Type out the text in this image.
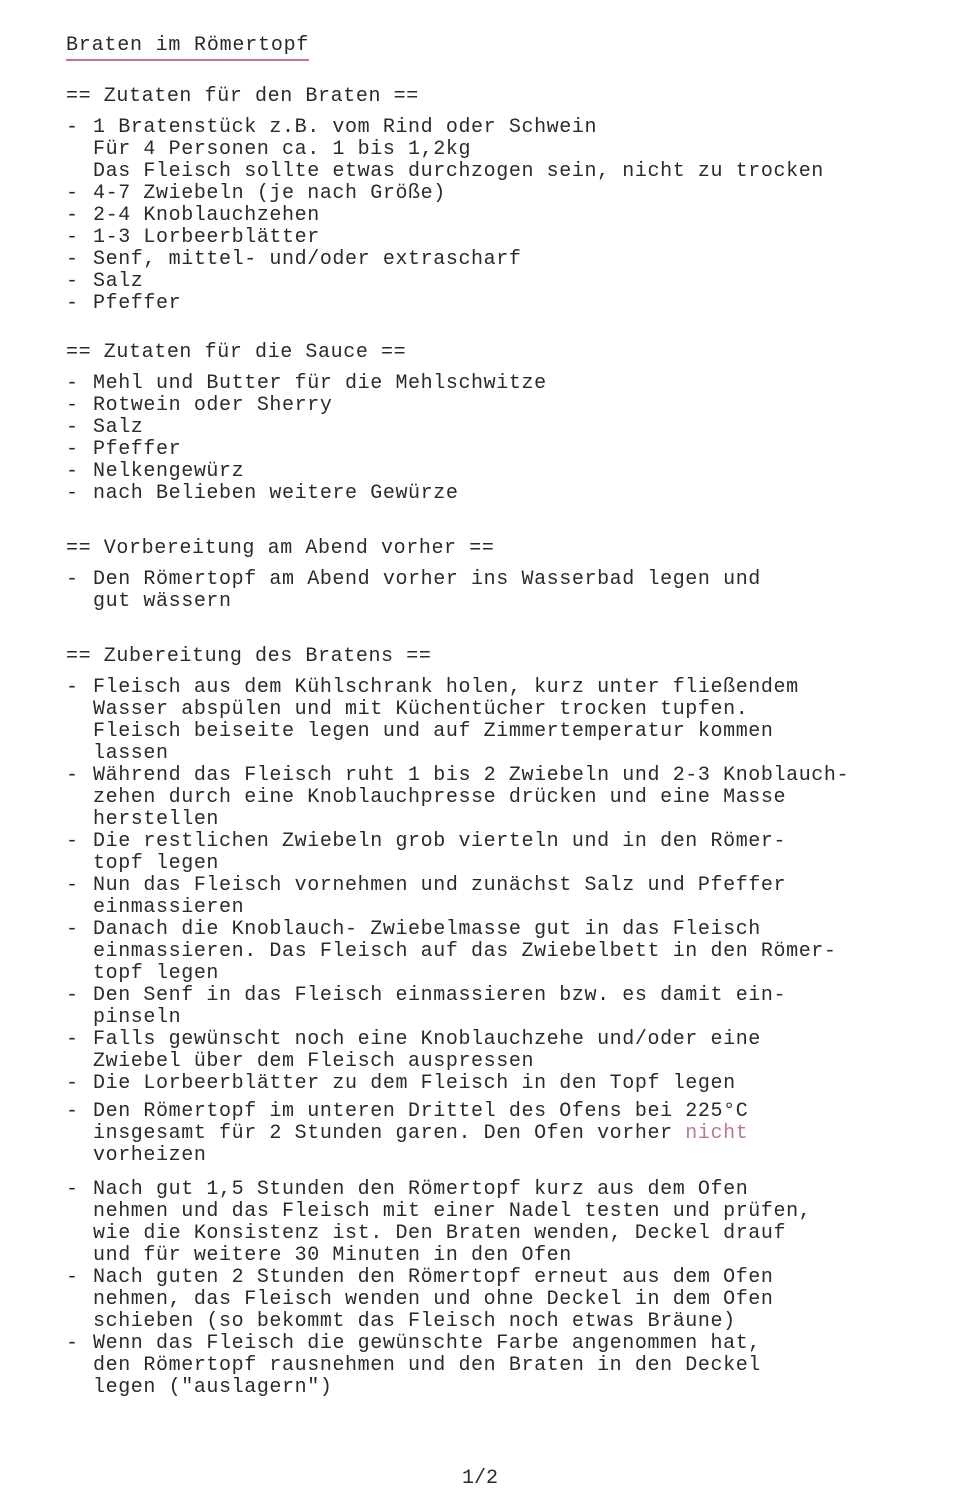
Braten im Römertopf
== Zutaten für den Braten ==
- 1 Bratenstück z.B. vom Rind oder Schwein
Für 4 Personen ca. 1 bis 1,2kg
Das Fleisch sollte etwas durchzogen sein, nicht zu trocken
- 4-7 Zwiebeln (je nach Größe)
- 2-4 Knoblauchzehen
- 1-3 Lorbeerblätter
- Senf, mittel- und/oder extrascharf
- Salz
- Pfeffer
== Zutaten für die Sauce ==
- Mehl und Butter für die Mehlschwitze
- Rotwein oder Sherry
- Salz
- Pfeffer
- Nelkengewürz
- nach Belieben weitere Gewürze
== Vorbereitung am Abend vorher ==
- Den Römertopf am Abend vorher ins Wasserbad legen und
gut wässern
== Zubereitung des Bratens ==
- Fleisch aus dem Kühlschrank holen, kurz unter fließendem
Wasser abspülen und mit Küchentücher trocken tupfen.
Fleisch beiseite legen und auf Zimmertemperatur kommen
lassen
- Während das Fleisch ruht 1 bis 2 Zwiebeln und 2-3 Knoblauch-
zehen durch eine Knoblauchpresse drücken und eine Masse
herstellen
- Die restlichen Zwiebeln grob vierteln und in den Römer-
topf legen
- Nun das Fleisch vornehmen und zunächst Salz und Pfeffer
einmassieren
- Danach die Knoblauch- Zwiebelmasse gut in das Fleisch
einmassieren. Das Fleisch auf das Zwiebelbett in den Römer-
topf legen
- Den Senf in das Fleisch einmassieren bzw. es damit ein-
pinseln
- Falls gewünscht noch eine Knoblauchzehe und/oder eine
Zwiebel über dem Fleisch auspressen
- Die Lorbeerblätter zu dem Fleisch in den Topf legen
- Den Römertopf im unteren Drittel des Ofens bei 225°C
insgesamt für 2 Stunden garen. Den Ofen vorher nicht
vorheizen
- Nach gut 1,5 Stunden den Römertopf kurz aus dem Ofen
nehmen und das Fleisch mit einer Nadel testen und prüfen,
wie die Konsistenz ist. Den Braten wenden, Deckel drauf
und für weitere 30 Minuten in den Ofen
- Nach guten 2 Stunden den Römertopf erneut aus dem Ofen
nehmen, das Fleisch wenden und ohne Deckel in dem Ofen
schieben (so bekommt das Fleisch noch etwas Bräune)
- Wenn das Fleisch die gewünschte Farbe angenommen hat,
den Römertopf rausnehmen und den Braten in den Deckel
legen ("auslagern")
1/2
